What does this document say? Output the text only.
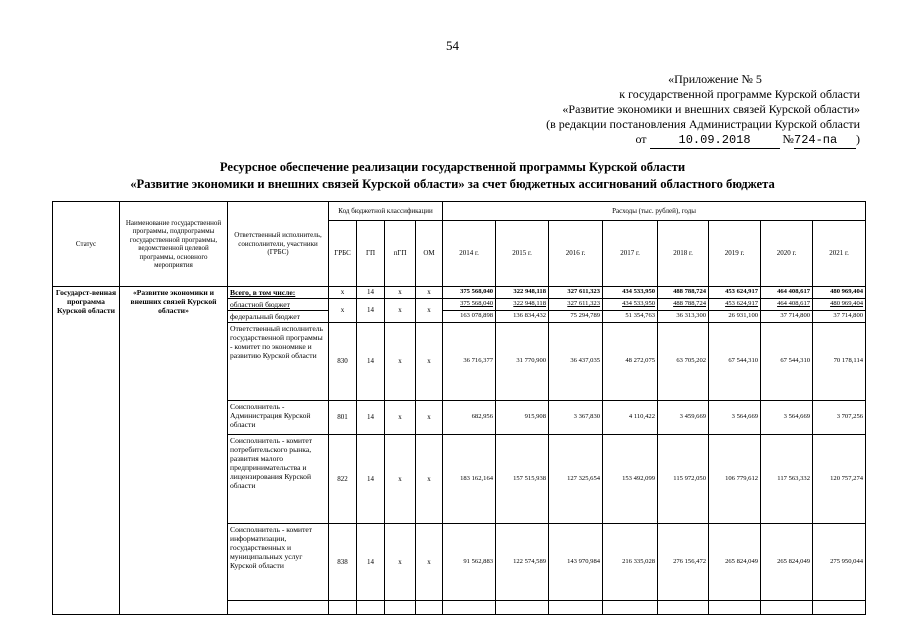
54
«Приложение № 5
к государственной программе Курской области
«Развитие экономики и внешних связей Курской области»
(в редакции постановления Администрации Курской области
от	10.09.2018	№724-па )
Ресурсное обеспечение реализации государственной программы Курской области
«Развитие экономики и внешних связей Курской области» за счет бюджетных ассигнований областного бюджета
Статус	Наименование государственной программы, подпрограммы государственной программы, ведомственной целевой программы, основного мероприятия	Ответственный исполнитель, соисполнители, участники (ГРБС)	Код бюджетной классификации				Расходы (тыс. рублей), годы							
			ГРБС	ГП	пГП	ОМ	2014 г.	2015 г.	2016 г.	2017 г.	2018 г.	2019 г.	2020 г.	2021 г.
Государст-венная программа Курской области	«Развитие экономики и внешних связей Курской области»	Всего, в том числе:	x	14	x	x	375 568,040	322 948,118	327 611,323	434 533,950	488 788,724	453 624,917	464 408,617	480 969,404
		областной бюджет	x	14	x	x	375 568,040	322 948,118	327 611,323	434 533,950	488 788,724	453 624,917	464 408,617	480 969,404
		федеральный бюджет					163 078,898	136 834,432	75 294,789	51 354,763	36 313,300	26 931,100	37 714,800	37 714,800
		Ответственный исполнитель государственной программы - комитет по экономике и развитию Курской области	830	14	x	x	36 716,377	31 770,900	36 437,035	48 272,075	63 705,202	67 544,310	67 544,310	70 178,114
		Соисполнитель - Администрация Курской области	801	14	x	x	682,956	915,908	3 367,830	4 110,422	3 459,669	3 564,669	3 564,669	3 707,256
		Соисполнитель - комитет потребительского рынка, развития малого предпринимательства и лицензирования Курской области	822	14	x	x	183 162,164	157 515,938	127 325,654	153 492,099	115 972,050	106 779,612	117 563,332	120 757,274
		Соисполнитель - комитет информатизации, государственных и муниципальных услуг Курской области	838	14	x	x	91 562,883	122 574,589	143 970,984	216 335,028	276 156,472	265 824,049	265 824,049	275 950,044
